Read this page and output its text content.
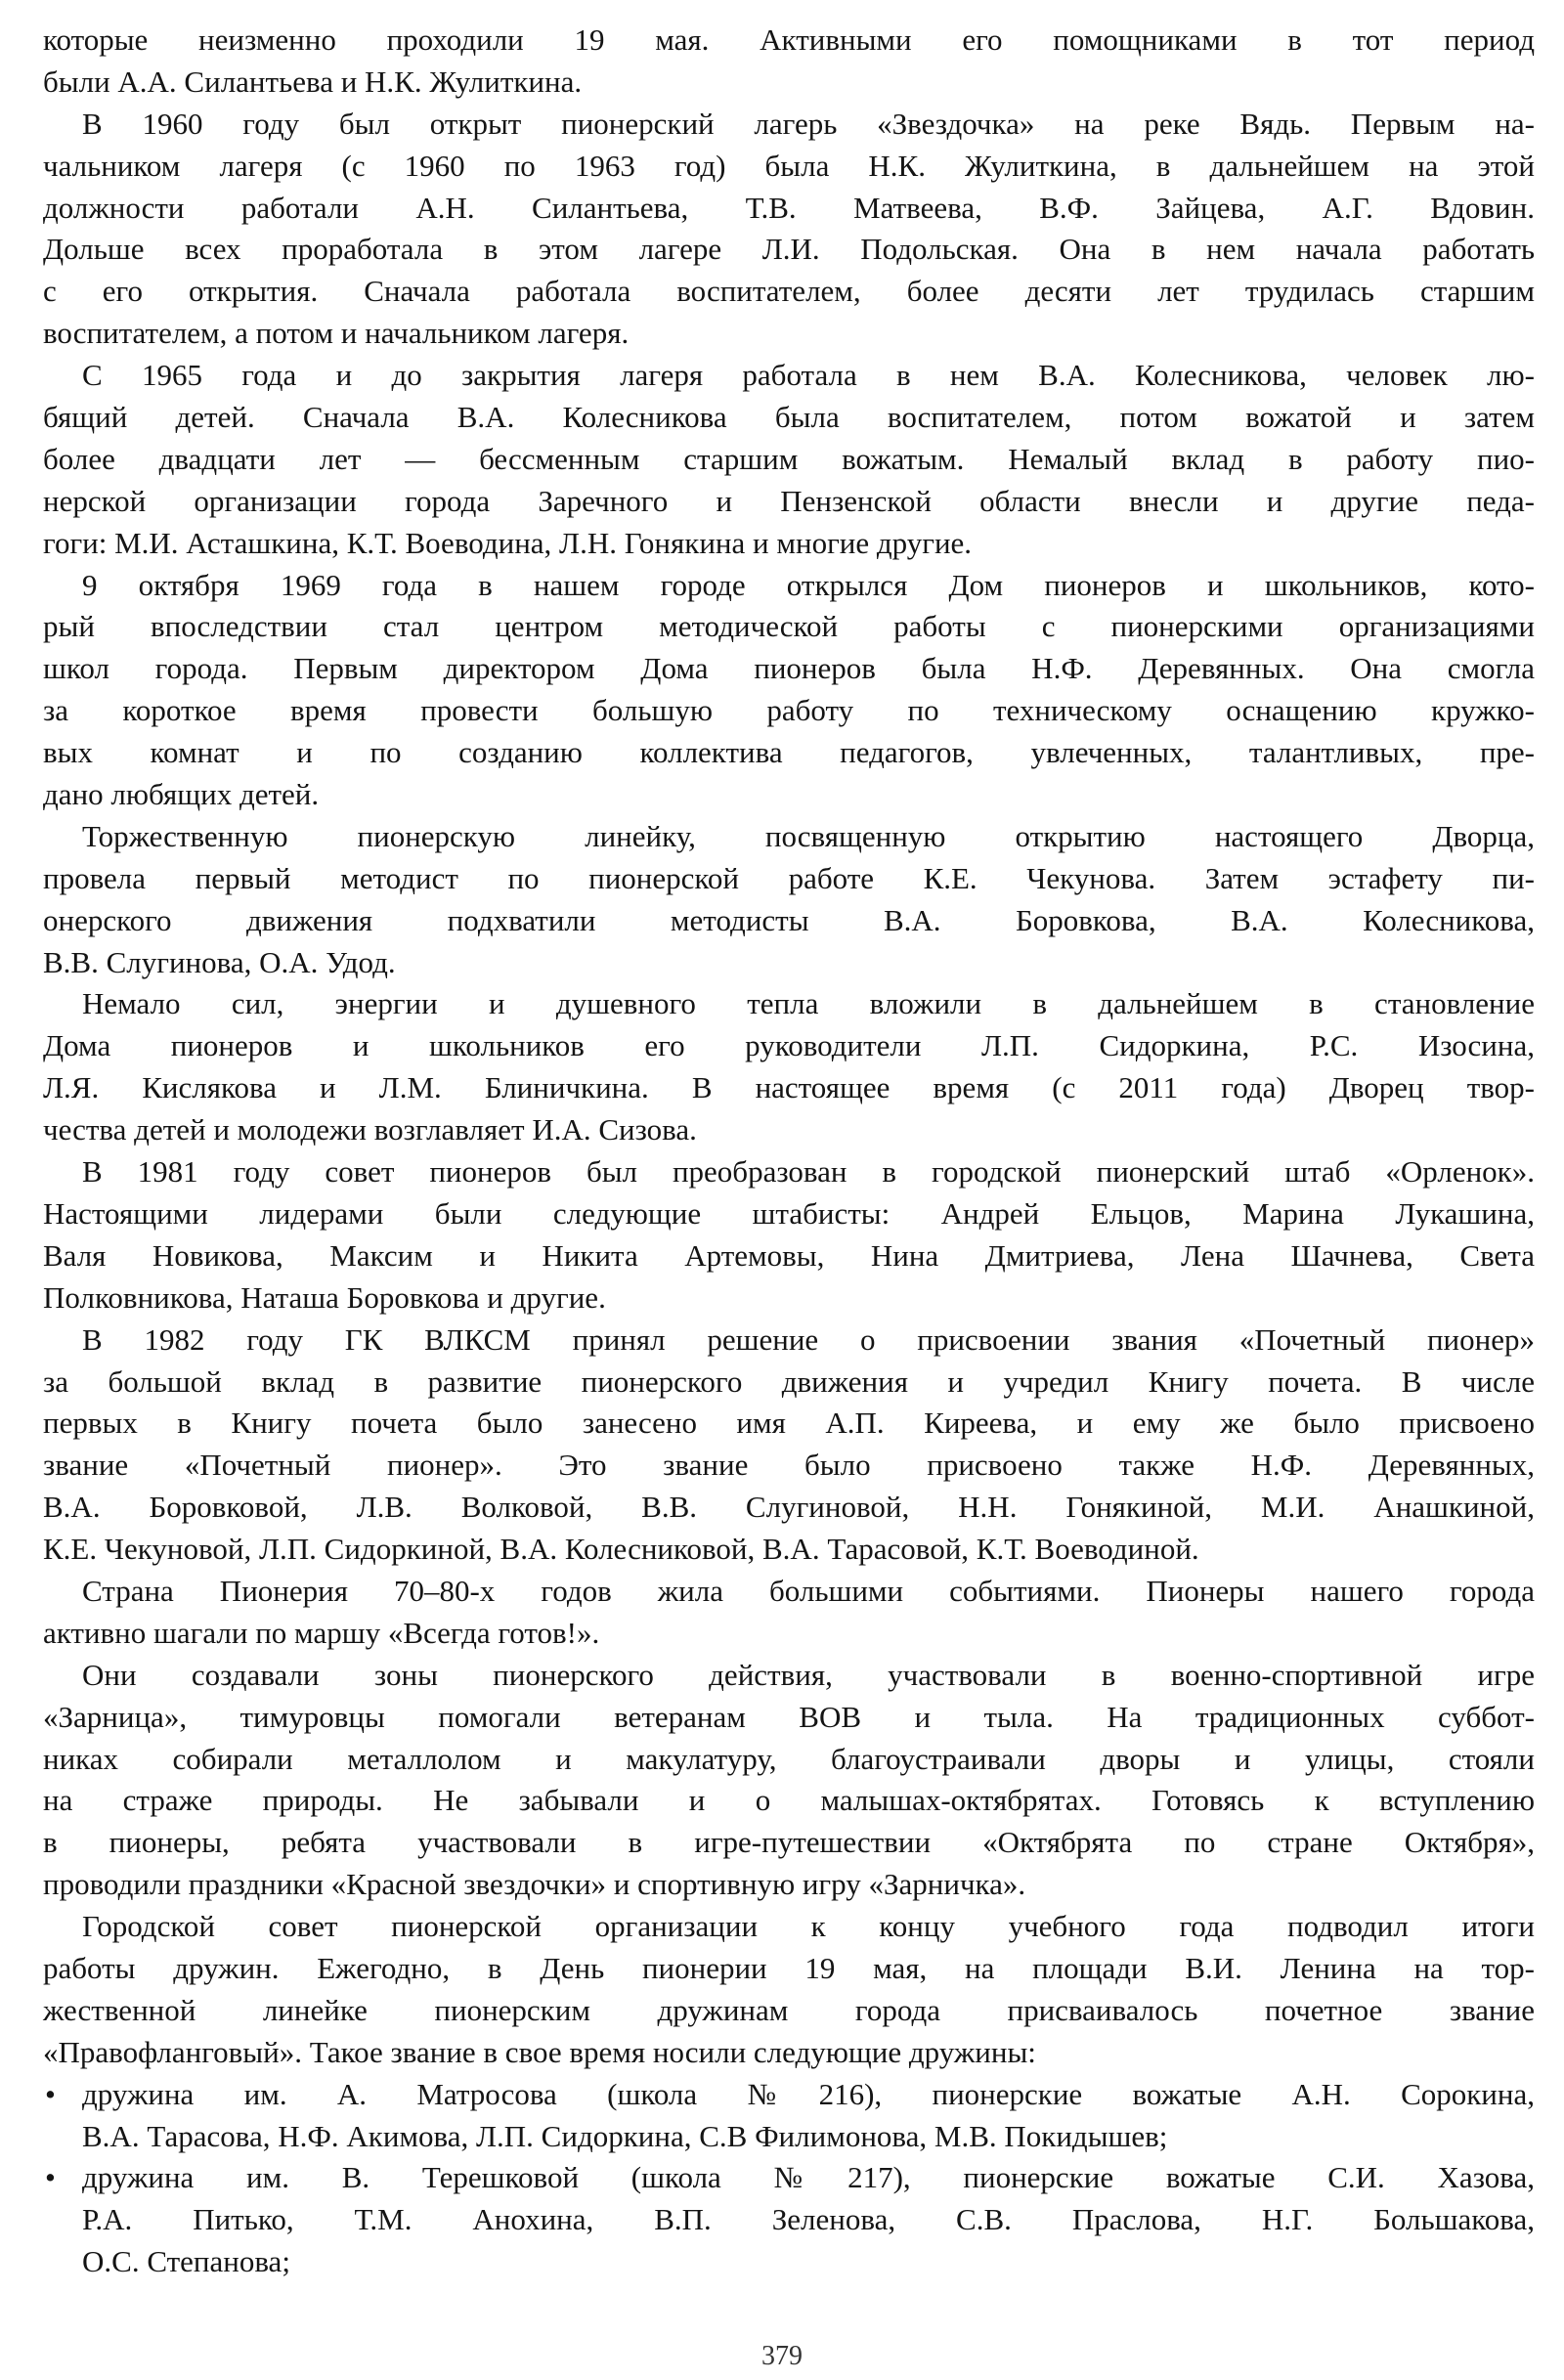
которые неизменно проходили 19 мая. Активными его помощниками в тот период
были А.А. Силантьева и Н.К. Жулиткина.
В 1960 году был открыт пионерский лагерь «Звездочка» на реке Вядь. Первым на-
чальником лагеря (с 1960 по 1963 год) была Н.К. Жулиткина, в дальнейшем на этой
должности работали А.Н. Силантьева, Т.В. Матвеева, В.Ф. Зайцева, А.Г. Вдовин.
Дольше всех проработала в этом лагере Л.И. Подольская. Она в нем начала работать
с его открытия. Сначала работала воспитателем, более десяти лет трудилась старшим
воспитателем, а потом и начальником лагеря.
С 1965 года и до закрытия лагеря работала в нем В.А. Колесникова, человек лю-
бящий детей. Сначала В.А. Колесникова была воспитателем, потом вожатой и затем
более двадцати лет — бессменным старшим вожатым. Немалый вклад в работу пио-
нерской организации города Заречного и Пензенской области внесли и другие педа-
гоги: М.И. Асташкина, К.Т. Воеводина, Л.Н. Гонякина и многие другие.
9 октября 1969 года в нашем городе открылся Дом пионеров и школьников, кото-
рый впоследствии стал центром методической работы с пионерскими организациями
школ города. Первым директором Дома пионеров была Н.Ф. Деревянных. Она смогла
за короткое время провести большую работу по техническому оснащению кружко-
вых комнат и по созданию коллектива педагогов, увлеченных, талантливых, пре-
дано любящих детей.
Торжественную пионерскую линейку, посвященную открытию настоящего Дворца,
провела первый методист по пионерской работе К.Е. Чекунова. Затем эстафету пи-
онерского движения подхватили методисты В.А. Боровкова, В.А. Колесникова,
В.В. Слугинова, О.А. Удод.
Немало сил, энергии и душевного тепла вложили в дальнейшем в становление
Дома пионеров и школьников его руководители Л.П. Сидоркина, Р.С. Изосина,
Л.Я. Кислякова и Л.М. Блиничкина. В настоящее время (с 2011 года) Дворец твор-
чества детей и молодежи возглавляет И.А. Сизова.
В 1981 году совет пионеров был преобразован в городской пионерский штаб «Орленок».
Настоящими лидерами были следующие штабисты: Андрей Ельцов, Марина Лукашина,
Валя Новикова, Максим и Никита Артемовы, Нина Дмитриева, Лена Шачнева, Света
Полковникова, Наташа Боровкова и другие.
В 1982 году ГК ВЛКСМ принял решение о присвоении звания «Почетный пионер»
за большой вклад в развитие пионерского движения и учредил Книгу почета. В числе
первых в Книгу почета было занесено имя А.П. Киреева, и ему же было присвоено
звание «Почетный пионер». Это звание было присвоено также Н.Ф. Деревянных,
В.А. Боровковой, Л.В. Волковой, В.В. Слугиновой, Н.Н. Гонякиной, М.И. Анашкиной,
К.Е. Чекуновой, Л.П. Сидоркиной, В.А. Колесниковой, В.А. Тарасовой, К.Т. Воеводиной.
Страна Пионерия 70–80-х годов жила большими событиями. Пионеры нашего города
активно шагали по маршу «Всегда готов!».
Они создавали зоны пионерского действия, участвовали в военно-спортивной игре
«Зарница», тимуровцы помогали ветеранам ВОВ и тыла. На традиционных суббот-
никах собирали металлолом и макулатуру, благоустраивали дворы и улицы, стояли
на страже природы. Не забывали и о малышах-октябрятах. Готовясь к вступлению
в пионеры, ребята участвовали в игре-путешествии «Октябрята по стране Октября»,
проводили праздники «Красной звездочки» и спортивную игру «Зарничка».
Городской совет пионерской организации к концу учебного года подводил итоги
работы дружин. Ежегодно, в День пионерии 19 мая, на площади В.И. Ленина на тор-
жественной линейке пионерским дружинам города присваивалось почетное звание
«Правофланговый». Такое звание в свое время носили следующие дружины:
• дружина им. А. Матросова (школа №216), пионерские вожатые А.Н. Сорокина,
В.А. Тарасова, Н.Ф. Акимова, Л.П. Сидоркина, С.В Филимонова, М.В. Покидышев;
• дружина им. В. Терешковой (школа №217), пионерские вожатые С.И. Хазова,
Р.А. Питько, Т.М. Анохина, В.П. Зеленова, С.В. Праслова, Н.Г. Большакова,
О.С. Степанова;
379
